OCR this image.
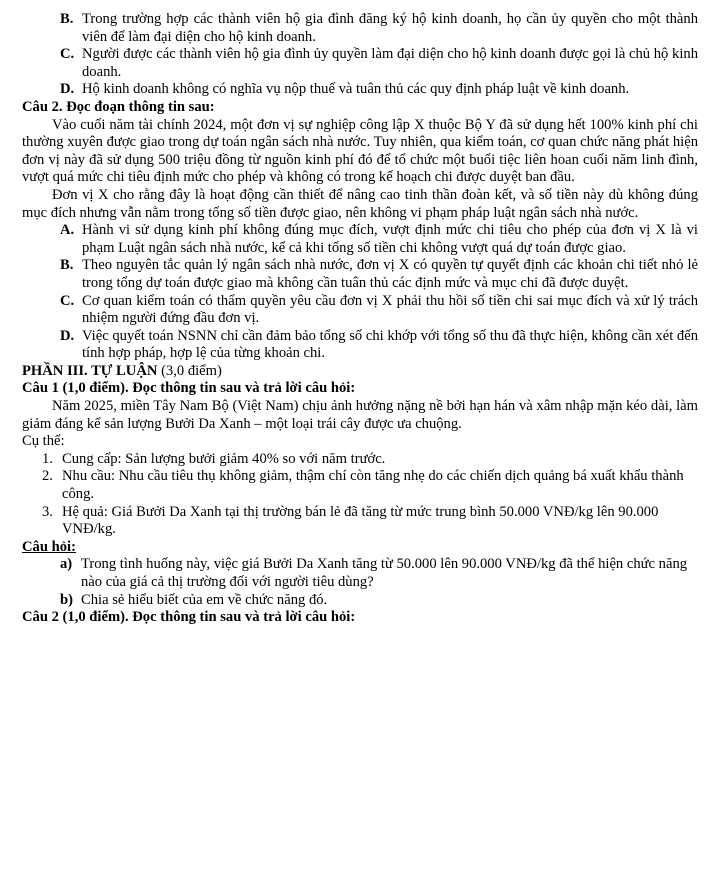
B. Trong trường hợp các thành viên hộ gia đình đăng ký hộ kinh doanh, họ cần ủy quyền cho một thành viên để làm đại diện cho hộ kinh doanh.
C. Người được các thành viên hộ gia đình ủy quyền làm đại diện cho hộ kinh doanh được gọi là chủ hộ kinh doanh.
D. Hộ kinh doanh không có nghĩa vụ nộp thuế và tuân thủ các quy định pháp luật về kinh doanh.

Câu 2. Đọc đoạn thông tin sau:

Vào cuối năm tài chính 2024, một đơn vị sự nghiệp công lập X thuộc Bộ Y đã sử dụng hết 100% kinh phí chi thường xuyên được giao trong dự toán ngân sách nhà nước. Tuy nhiên, qua kiểm toán, cơ quan chức năng phát hiện đơn vị này đã sử dụng 500 triệu đồng từ nguồn kinh phí đó để tổ chức một buổi tiệc liên hoan cuối năm linh đình, vượt quá mức chi tiêu định mức cho phép và không có trong kế hoạch chi được duyệt ban đầu.

Đơn vị X cho rằng đây là hoạt động cần thiết để nâng cao tinh thần đoàn kết, và số tiền này dù không đúng mục đích nhưng vẫn nằm trong tổng số tiền được giao, nên không vi phạm pháp luật ngân sách nhà nước.

A. Hành vi sử dụng kinh phí không đúng mục đích, vượt định mức chi tiêu cho phép của đơn vị X là vi phạm Luật ngân sách nhà nước, kể cả khi tổng số tiền chi không vượt quá dự toán được giao.
B. Theo nguyên tắc quản lý ngân sách nhà nước, đơn vị X có quyền tự quyết định các khoản chi tiết nhỏ lẻ trong tổng dự toán được giao mà không cần tuân thủ các định mức và mục chi đã được duyệt.
C. Cơ quan kiểm toán có thẩm quyền yêu cầu đơn vị X phải thu hồi số tiền chi sai mục đích và xử lý trách nhiệm người đứng đầu đơn vị.
D. Việc quyết toán NSNN chỉ cần đảm bảo tổng số chi khớp với tổng số thu đã thực hiện, không cần xét đến tính hợp pháp, hợp lệ của từng khoản chi.

PHẦN III. TỰ LUẬN (3,0 điểm)

Câu 1 (1,0 điểm). Đọc thông tin sau và trả lời câu hỏi:

Năm 2025, miền Tây Nam Bộ (Việt Nam) chịu ảnh hưởng nặng nề bởi hạn hán và xâm nhập mặn kéo dài, làm giảm đáng kể sản lượng Bưởi Da Xanh – một loại trái cây được ưa chuộng.

Cụ thể:

1. Cung cấp: Sản lượng bưởi giảm 40% so với năm trước.
2. Nhu cầu: Nhu cầu tiêu thụ không giảm, thậm chí còn tăng nhẹ do các chiến dịch quảng bá xuất khẩu thành công.
3. Hệ quả: Giá Bưởi Da Xanh tại thị trường bán lẻ đã tăng từ mức trung bình 50.000 VNĐ/kg lên 90.000 VNĐ/kg.

Câu hỏi:

a) Trong tình huống này, việc giá Bưởi Da Xanh tăng từ 50.000 lên 90.000 VNĐ/kg đã thể hiện chức năng nào của giá cả thị trường đối với người tiêu dùng?
b) Chia sẻ hiểu biết của em về chức năng đó.

Câu 2 (1,0 điểm). Đọc thông tin sau và trả lời câu hỏi:
